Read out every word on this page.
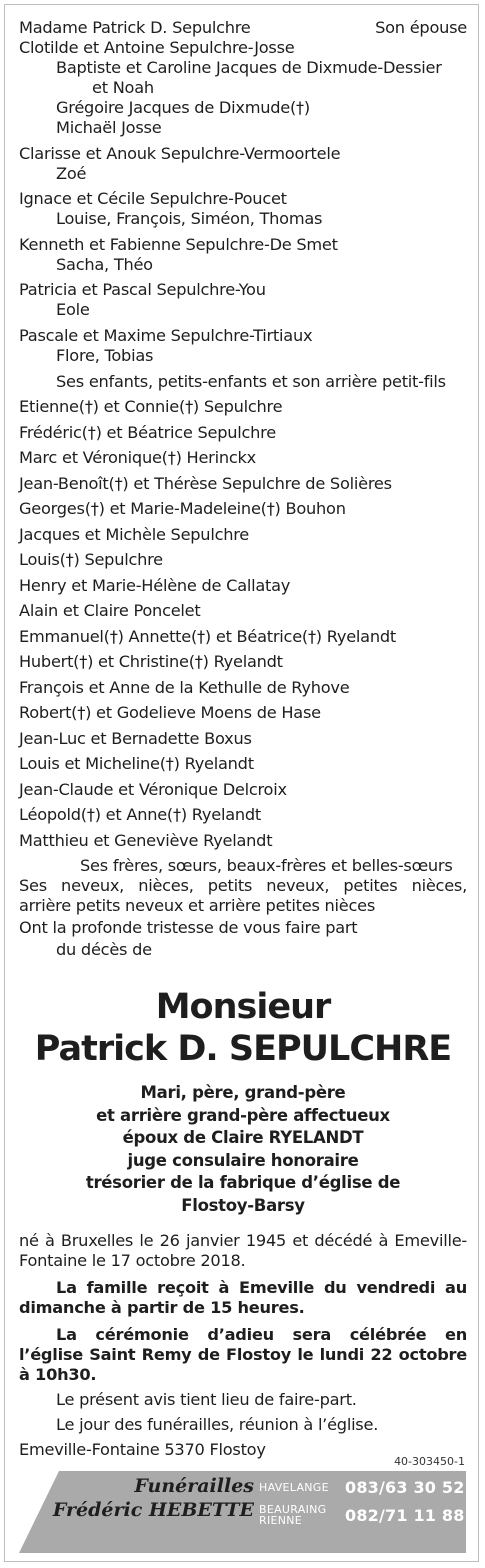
Madame Patrick D. Sepulchre	Son épouse
Clotilde et Antoine Sepulchre-Josse
Baptiste et Caroline Jacques de Dixmude-Dessier
et Noah
Grégoire Jacques de Dixmude(†)
Michaël Josse
Clarisse et Anouk Sepulchre-Vermoortele
Zoé
Ignace et Cécile Sepulchre-Poucet
Louise, François, Siméon, Thomas
Kenneth et Fabienne Sepulchre-De Smet
Sacha, Théo
Patricia et Pascal Sepulchre-You
Eole
Pascale et Maxime Sepulchre-Tirtiaux
Flore, Tobias
Ses enfants, petits-enfants et son arrière petit-fils
Etienne(†) et Connie(†) Sepulchre
Frédéric(†) et Béatrice Sepulchre
Marc et Véronique(†) Herinckx
Jean-Benoît(†) et Thérèse Sepulchre de Solières
Georges(†) et Marie-Madeleine(†) Bouhon
Jacques et Michèle Sepulchre
Louis(†) Sepulchre
Henry et Marie-Hélène de Callatay
Alain et Claire Poncelet
Emmanuel(†) Annette(†) et Béatrice(†) Ryelandt
Hubert(†) et Christine(†) Ryelandt
François et Anne de la Kethulle de Ryhove
Robert(†) et Godelieve Moens de Hase
Jean-Luc et Bernadette Boxus
Louis et Micheline(†) Ryelandt
Jean-Claude et Véronique Delcroix
Léopold(†) et Anne(†) Ryelandt
Matthieu et Geneviève Ryelandt
Ses frères, sœurs, beaux-frères et belles-sœurs
Ses neveux, nièces, petits neveux, petites nièces, arrière petits neveux et arrière petites nièces
Ont la profonde tristesse de vous faire part
du décès de
Monsieur
Patrick D. SEPULCHRE
Mari, père, grand-père
et arrière grand-père affectueux
époux de Claire RYELANDT
juge consulaire honoraire
trésorier de la fabrique d’église de
Flostoy-Barsy
né à Bruxelles le 26 janvier 1945 et décédé à Emeville-Fontaine le 17 octobre 2018.
La famille reçoit à Emeville du vendredi au dimanche à partir de 15 heures.
La cérémonie d’adieu sera célébrée en l’église Saint Remy de Flostoy le lundi 22 octobre à 10h30.
Le présent avis tient lieu de faire-part.
Le jour des funérailles, réunion à l’église.
Emeville-Fontaine 5370 Flostoy
40-303450-1
Funérailles
Frédéric HEBETTE
HAVELANGE	083/63 30 52
BEAURAING
RIENNE	082/71 11 88
